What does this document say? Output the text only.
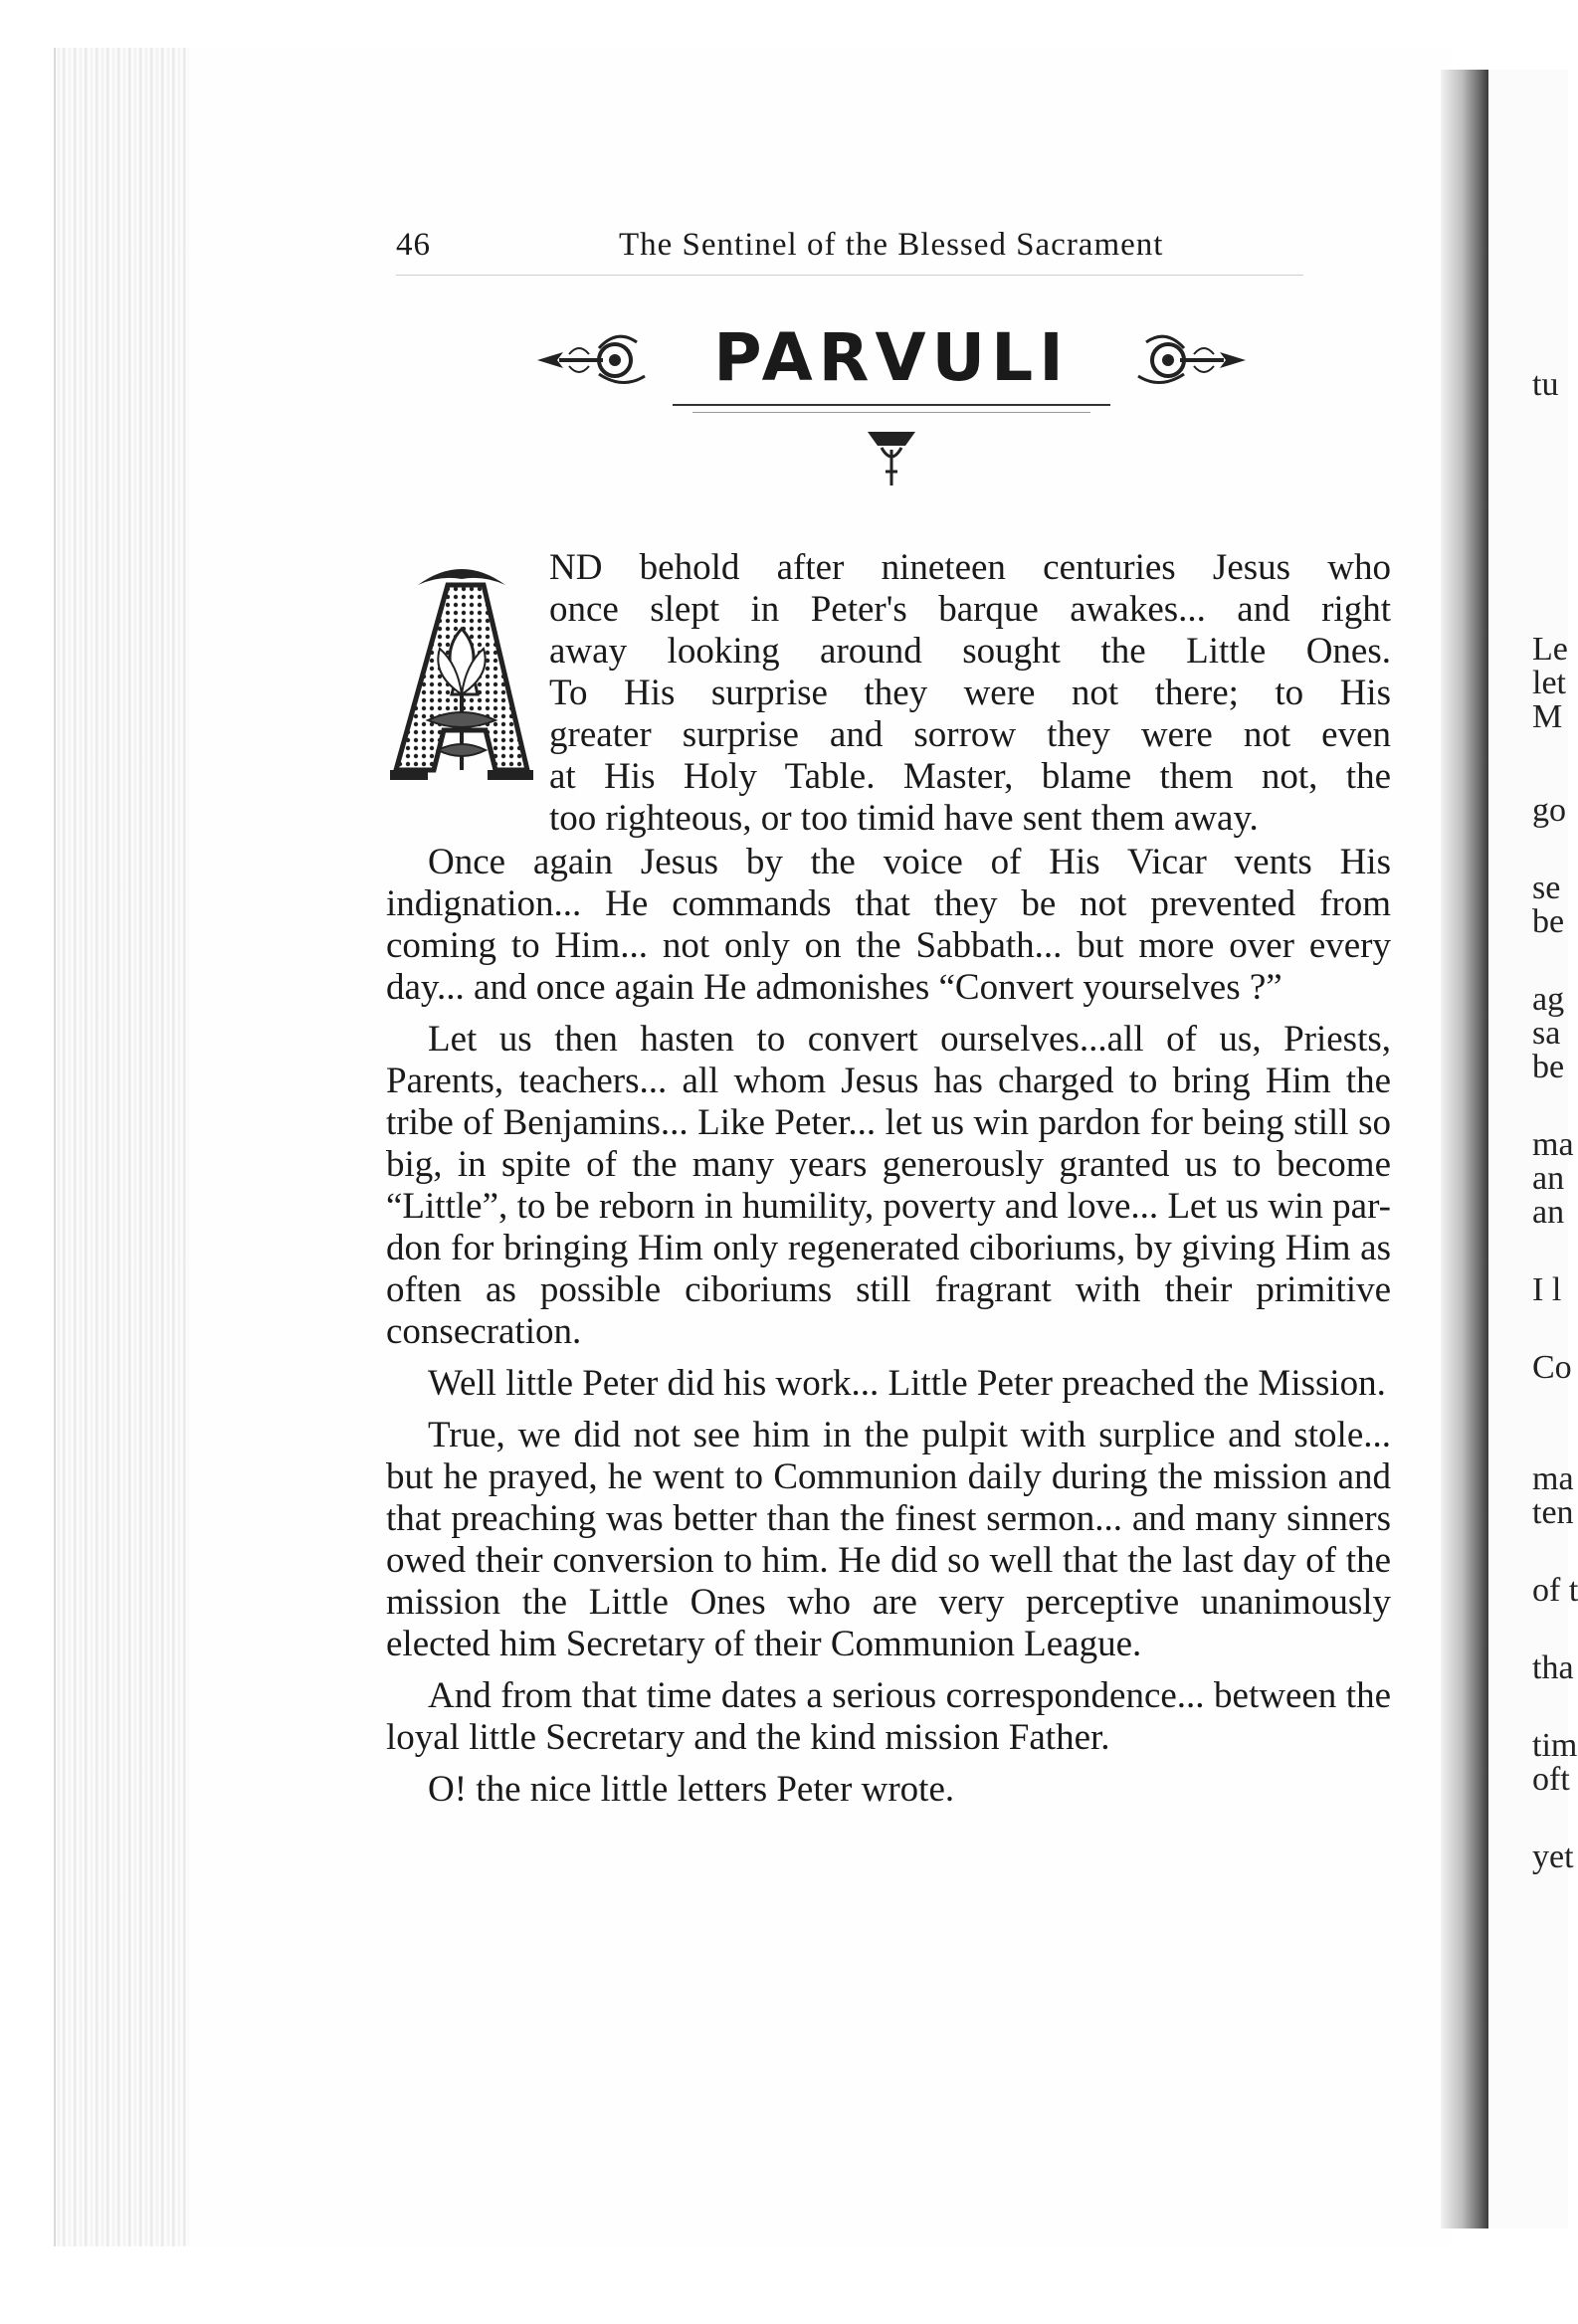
tu
Le
let
M
go
se
be
ag
sa
be
ma
an
an
I l
Co
ma
ten
of t
tha
tim
oft
yet
46	The Sentinel of the Blessed Sacrament
PARVULI
A

ND behold after nineteen centuries Jesus who

once slept in Peter's barque awakes... and right

away looking around sought the Little Ones.

To His surprise they were not there; to His

greater surprise and sorrow they were not even

at His Holy Table. Master, blame them not, the

too righteous, or too timid have sent them away.

Once again Jesus by the voice of His Vicar vents His indignation... He commands that they be not prevented from coming to Him... not only on the Sabbath... but more over every day... and once again He admonishes “Convert yourselves ?”

Let us then hasten to convert ourselves...all of us, Priests, Parents, teachers... all whom Jesus has charged to bring Him the tribe of Benjamins... Like Peter... let us win pardon for being still so big, in spite of the many years generously granted us to become “Little”, to be reborn in humility, poverty and love... Let us win par-don for bringing Him only regenerated ciboriums, by giving Him as often as possible ciboriums still fragrant with their primitive consecration.

Well little Peter did his work... Little Peter preached the Mission.

True, we did not see him in the pulpit with surplice and stole... but he prayed, he went to Communion daily during the mission and that preaching was better than the finest sermon... and many sinners owed their conversion to him. He did so well that the last day of the mission the Little Ones who are very perceptive unanimously elected him Secretary of their Communion League.

And from that time dates a serious correspondence... between the loyal little Secretary and the kind mission Father.

O! the nice little letters Peter wrote.
